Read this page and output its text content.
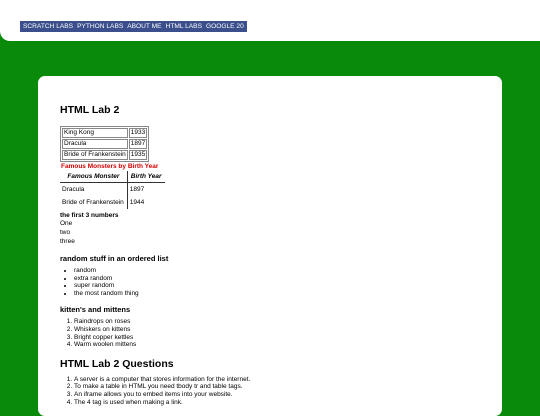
SCRATCH LABS PYTHON LABS ABOUT ME HTML LABS GOOGLE 20
HTML Lab 2
King Kong	1933
Dracula	1897
Bride of Frankenstein	1935
Famous Monsters by Birth Year
Famous Monster	Birth Year
Dracula	1897
Bride of Frankenstein	1944
the first 3 numbers
One
two
three
random stuff in an ordered list
• random
• extra random
• super random
• the most random thing
kitten's and mittens
1. Raindrops on roses
2. Whiskers on kittens
3. Bright copper kettles
4. Warm woolen mittens
HTML Lab 2 Questions
1. A server is a computer that stores information for the internet.
2. To make a table in HTML you need tbody tr and table tags.
3. An iframe allows you to embed items into your website.
4. The 4 tag is used when making a link.
